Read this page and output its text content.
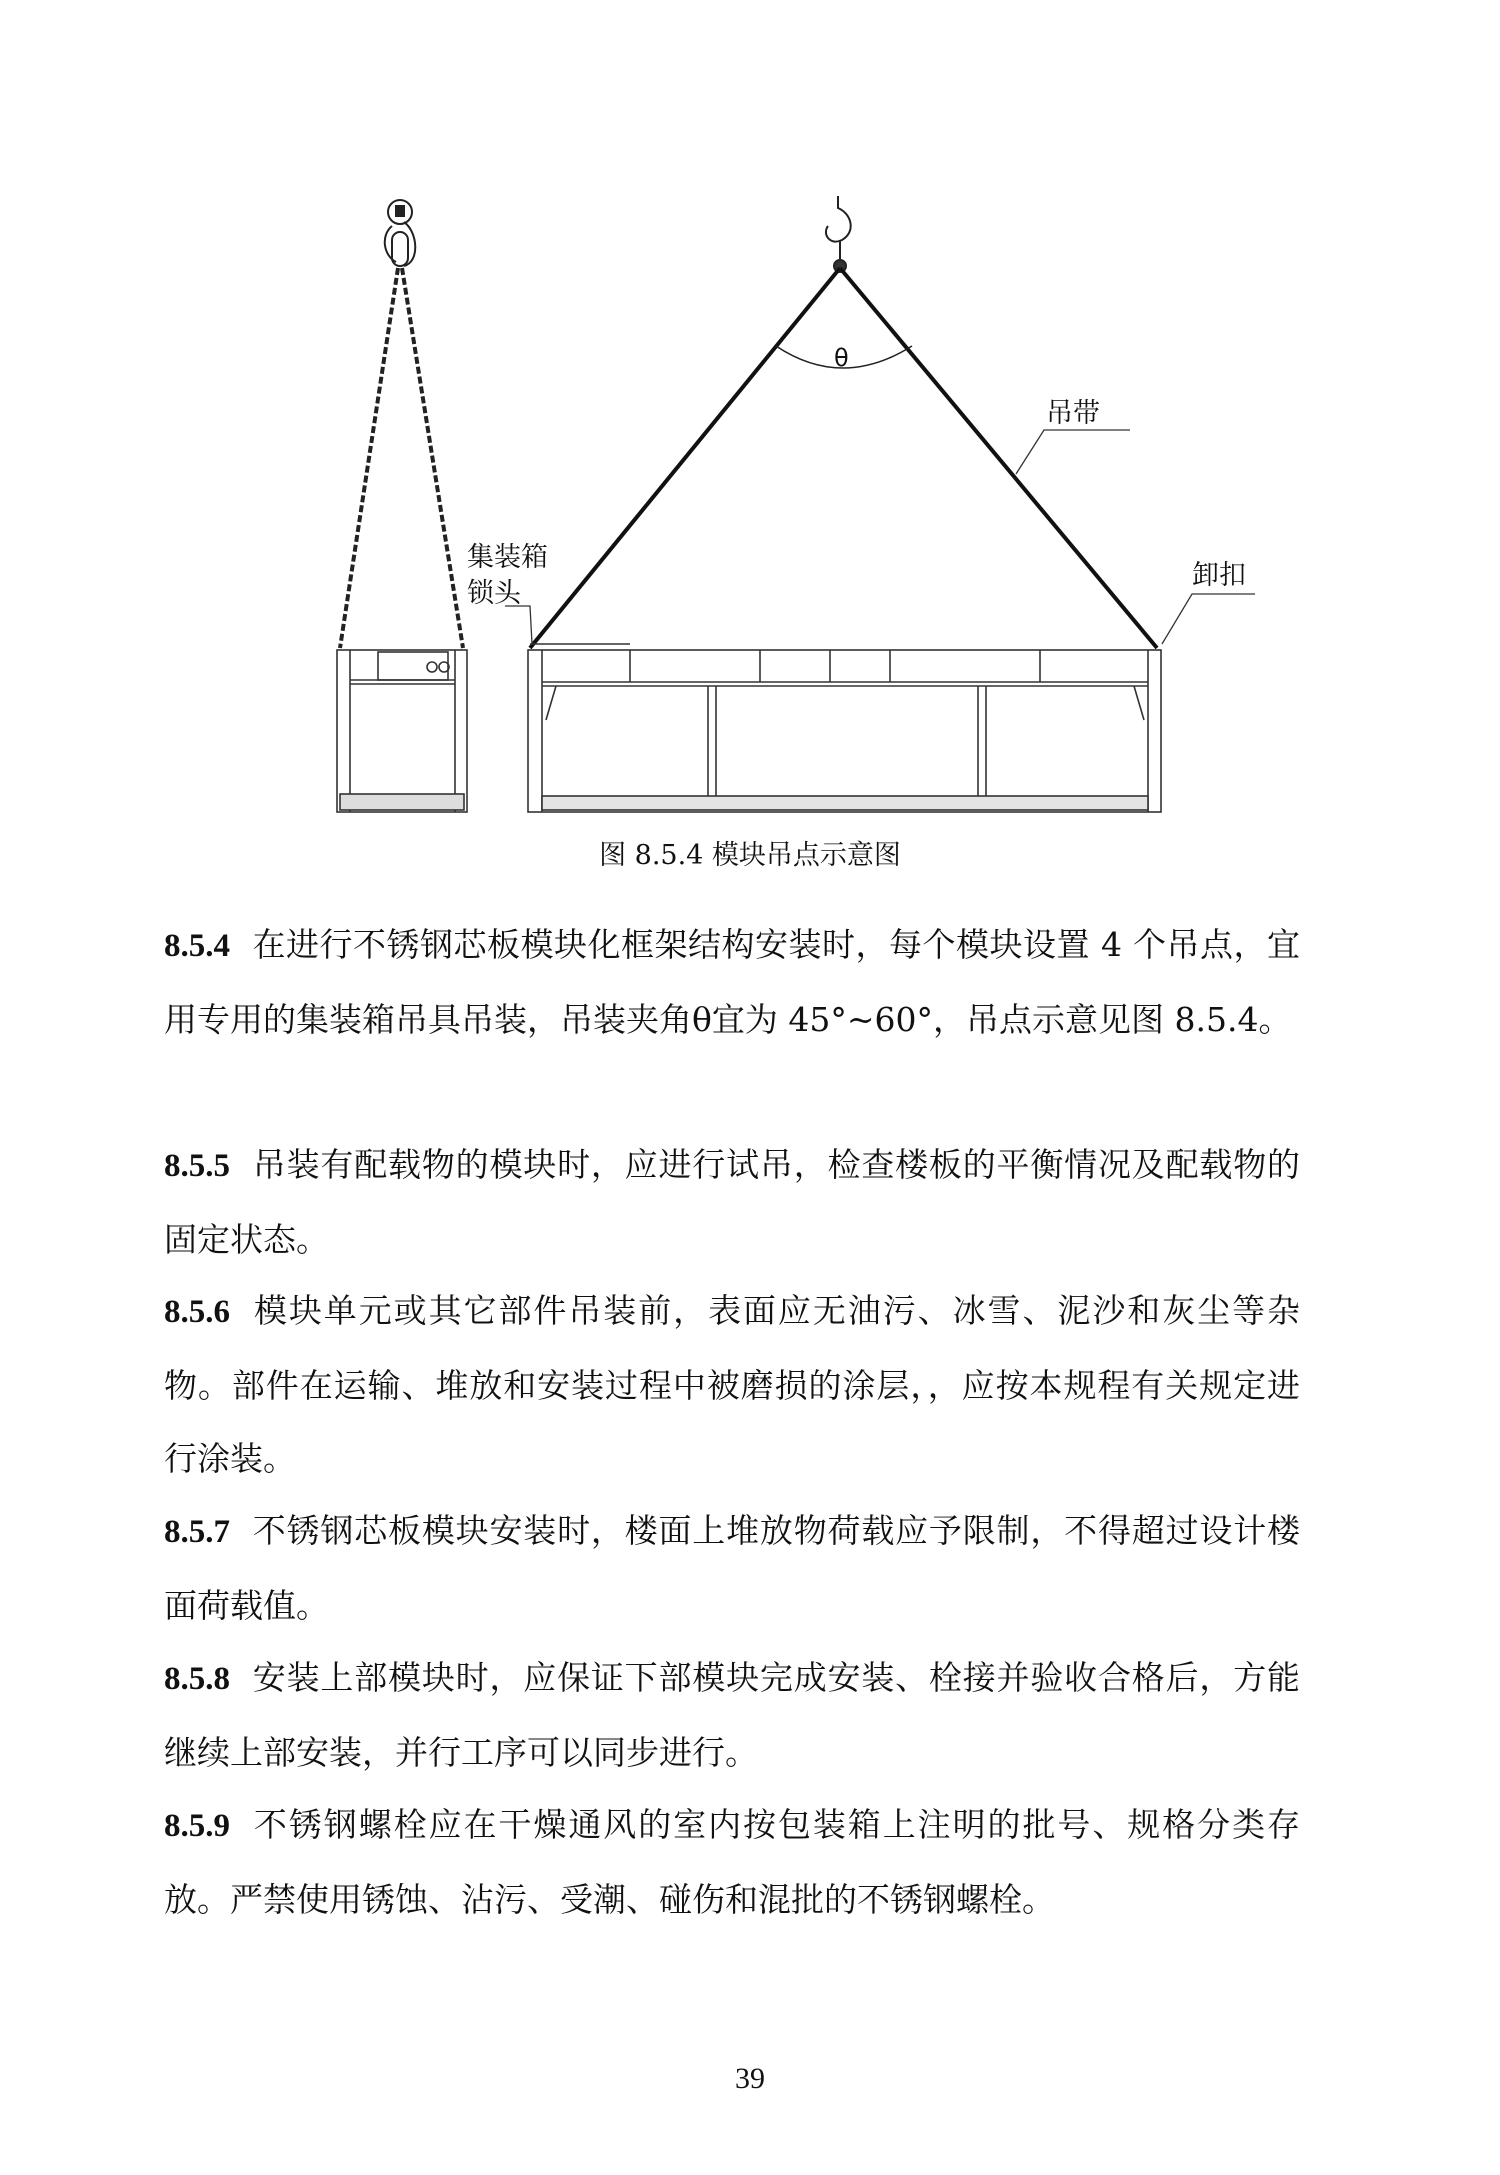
θ
吊带
集装箱
锁头
卸扣
图 8.5.4 模块吊点示意图
8.5.4 在进行不锈钢芯板模块化框架结构安装时，每个模块设置 4 个吊点，宜用专用的集装箱吊具吊装，吊装夹角θ宜为 45°~60°，吊点示意见图 8.5.4。
8.5.5 吊装有配载物的模块时，应进行试吊，检查楼板的平衡情况及配载物的固定状态。
8.5.6 模块单元或其它部件吊装前，表面应无油污、冰雪、泥沙和灰尘等杂物。部件在运输、堆放和安装过程中被磨损的涂层，，应按本规程有关规定进行涂装。
8.5.7 不锈钢芯板模块安装时，楼面上堆放物荷载应予限制，不得超过设计楼面荷载值。
8.5.8 安装上部模块时，应保证下部模块完成安装、栓接并验收合格后，方能继续上部安装，并行工序可以同步进行。
8.5.9 不锈钢螺栓应在干燥通风的室内按包装箱上注明的批号、规格分类存放。严禁使用锈蚀、沾污、受潮、碰伤和混批的不锈钢螺栓。
39
